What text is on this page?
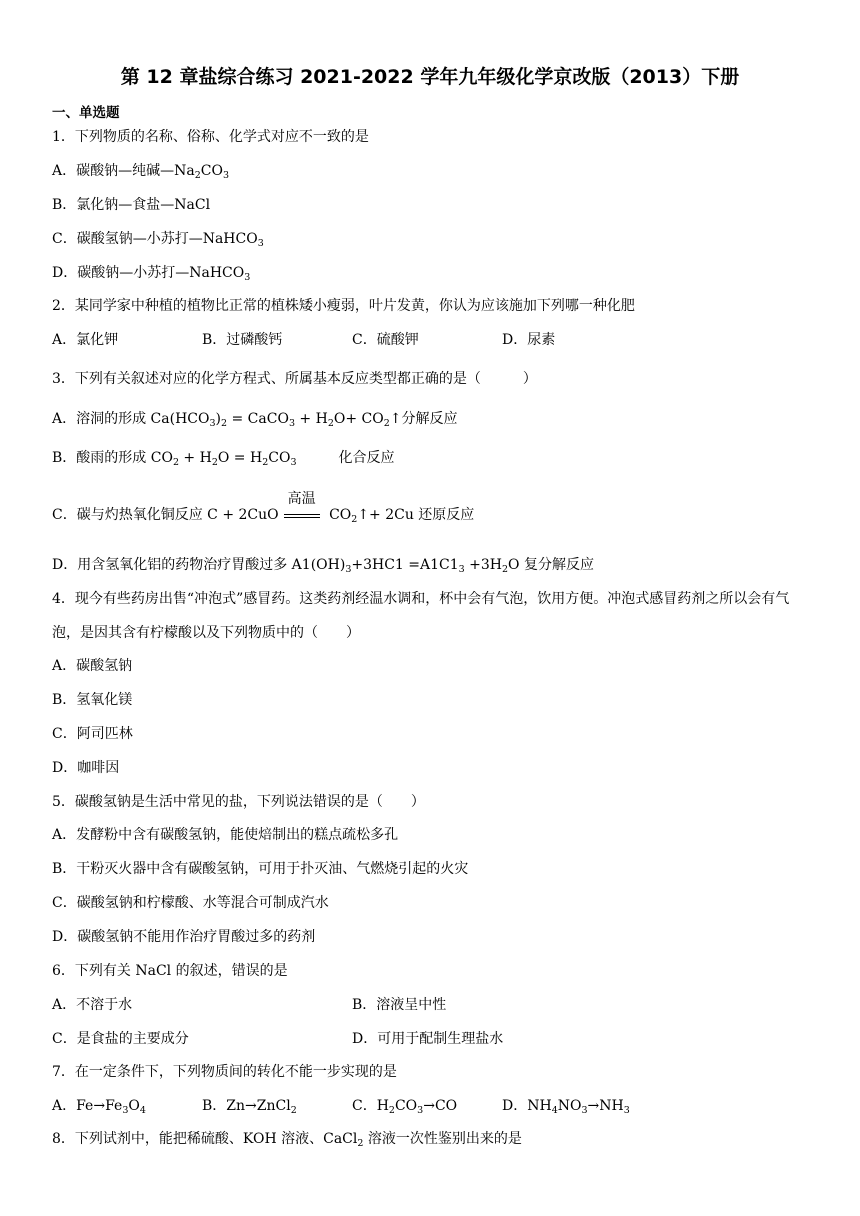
第 12 章盐综合练习 2021-2022 学年九年级化学京改版（2013）下册
一、单选题
1．下列物质的名称、俗称、化学式对应不一致的是
A．碳酸钠—纯碱$—Na_2CO_3$
B．氯化钠—食盐—NaCl
C．碳酸氢钠—小苏打—NaHCO$_3$
D．碳酸钠—小苏打—NaHCO$_3$
2．某同学家中种植的植物比正常的植株矮小瘦弱，叶片发黄，你认为应该施加下列哪一种化肥
A．氯化钾	B．过磷酸钙	C．硫酸钾	D．尿素
3．下列有关叙述对应的化学方程式、所属基本反应类型都正确的是（　　　）
A．溶洞的形成 $Ca(HCO_3)_2$ = CaCO$_3$ + $H_2O+$ $CO_2↑$分解反应
B．酸雨的形成 $CO_2 + H_2O = H_2CO_3$　　　化合反应
C．碳与灼热氧化铜反应 C + 2CuO
高温
$CO_2↑+ 2Cu$ 还原反应
D．用含氢氧化铝的药物治疗胃酸过多 $A1(OH)_3+3HC1 =A1C1_3 +3H_2O$ 复分解反应
4．现今有些药房出售“冲泡式”感冒药。这类药剂经温水调和，杯中会有气泡，饮用方便。冲泡式感冒药剂之所以会有气泡，是因其含有柠檬酸以及下列物质中的（　　）
A．碳酸氢钠
B．氢氧化镁
C．阿司匹林
D．咖啡因
5．碳酸氢钠是生活中常见的盐，下列说法错误的是（　　）
A．发酵粉中含有碳酸氢钠，能使焙制出的糕点疏松多孔
B．干粉灭火器中含有碳酸氢钠，可用于扑灭油、气燃烧引起的火灾
C．碳酸氢钠和柠檬酸、水等混合可制成汽水
D．碳酸氢钠不能用作治疗胃酸过多的药剂
6．下列有关 NaCl 的叙述，错误的是
A．不溶于水	B．溶液呈中性
C．是食盐的主要成分	D．可用于配制生理盐水
7．在一定条件下，下列物质间的转化不能一步实现的是
A．$Fe\to Fe_3O_4$	B．Zn→ZnCl$_2$	C．$H_2CO_3\to CO$	D．$NH_4NO_3\to NH_3$
8．下列试剂中，能把稀硫酸、KOH 溶液、CaCl$_2$ 溶液一次性鉴别出来的是
